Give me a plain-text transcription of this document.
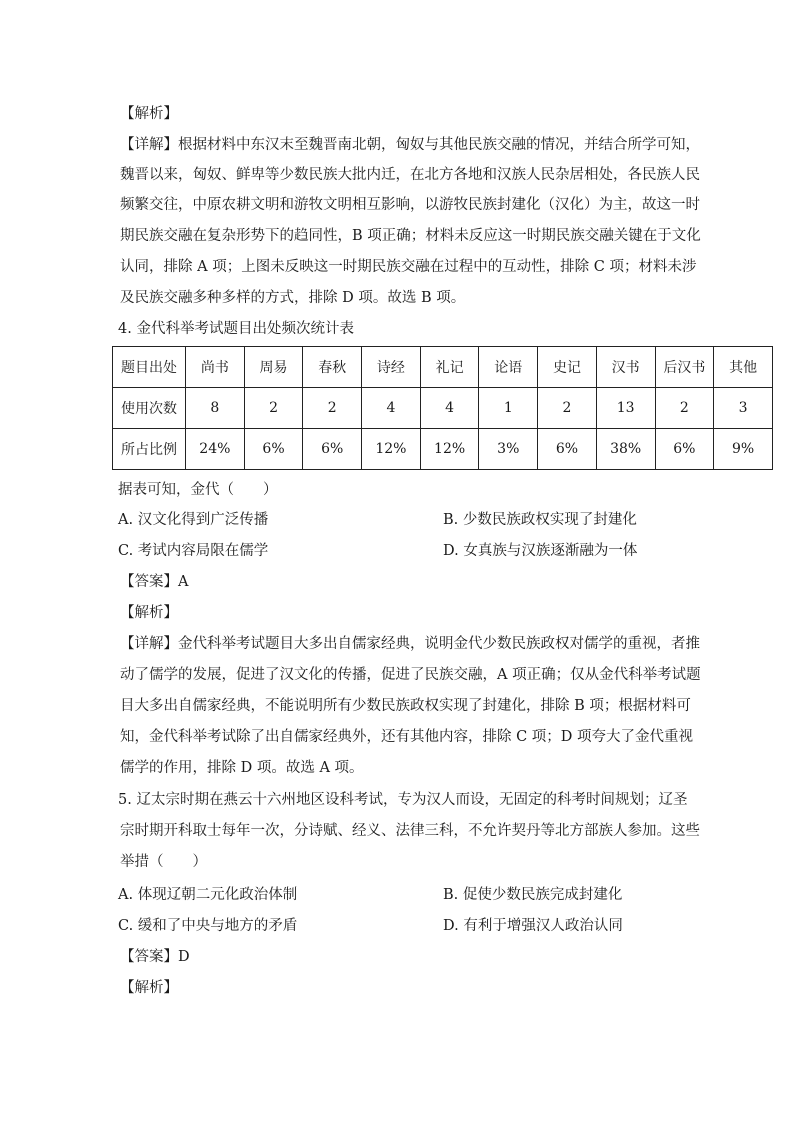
【解析】
【详解】根据材料中东汉末至魏晋南北朝，匈奴与其他民族交融的情况，并结合所学可知，
魏晋以来，匈奴、鲜卑等少数民族大批内迁，在北方各地和汉族人民杂居相处，各民族人民
频繁交往，中原农耕文明和游牧文明相互影响，以游牧民族封建化（汉化）为主，故这一时
期民族交融在复杂形势下的趋同性，B 项正确；材料未反应这一时期民族交融关键在于文化
认同，排除 A 项；上图未反映这一时期民族交融在过程中的互动性，排除 C 项；材料未涉
及民族交融多种多样的方式，排除 D 项。故选 B 项。
4. 金代科举考试题目出处频次统计表
题目出处	尚书	周易	春秋	诗经	礼记	论语	史记	汉书	后汉书	其他
使用次数	8	2	2	4	4	1	2	13	2	3
所占比例	24%	6%	6%	12%	12%	3%	6%	38%	6%	9%
据表可知，金代（　　）
A. 汉文化得到广泛传播	B. 少数民族政权实现了封建化
C. 考试内容局限在儒学	D. 女真族与汉族逐渐融为一体
【答案】A
【解析】
【详解】金代科举考试题目大多出自儒家经典，说明金代少数民族政权对儒学的重视，者推
动了儒学的发展，促进了汉文化的传播，促进了民族交融，A 项正确；仅从金代科举考试题
目大多出自儒家经典，不能说明所有少数民族政权实现了封建化，排除 B 项；根据材料可
知，金代科举考试除了出自儒家经典外，还有其他内容，排除 C 项；D 项夸大了金代重视
儒学的作用，排除 D 项。故选 A 项。
5. 辽太宗时期在燕云十六州地区设科考试，专为汉人而设，无固定的科考时间规划；辽圣
宗时期开科取士每年一次，分诗赋、经义、法律三科，不允许契丹等北方部族人参加。这些
举措（　　）
A. 体现辽朝二元化政治体制	B. 促使少数民族完成封建化
C. 缓和了中央与地方的矛盾	D. 有利于增强汉人政治认同
【答案】D
【解析】
